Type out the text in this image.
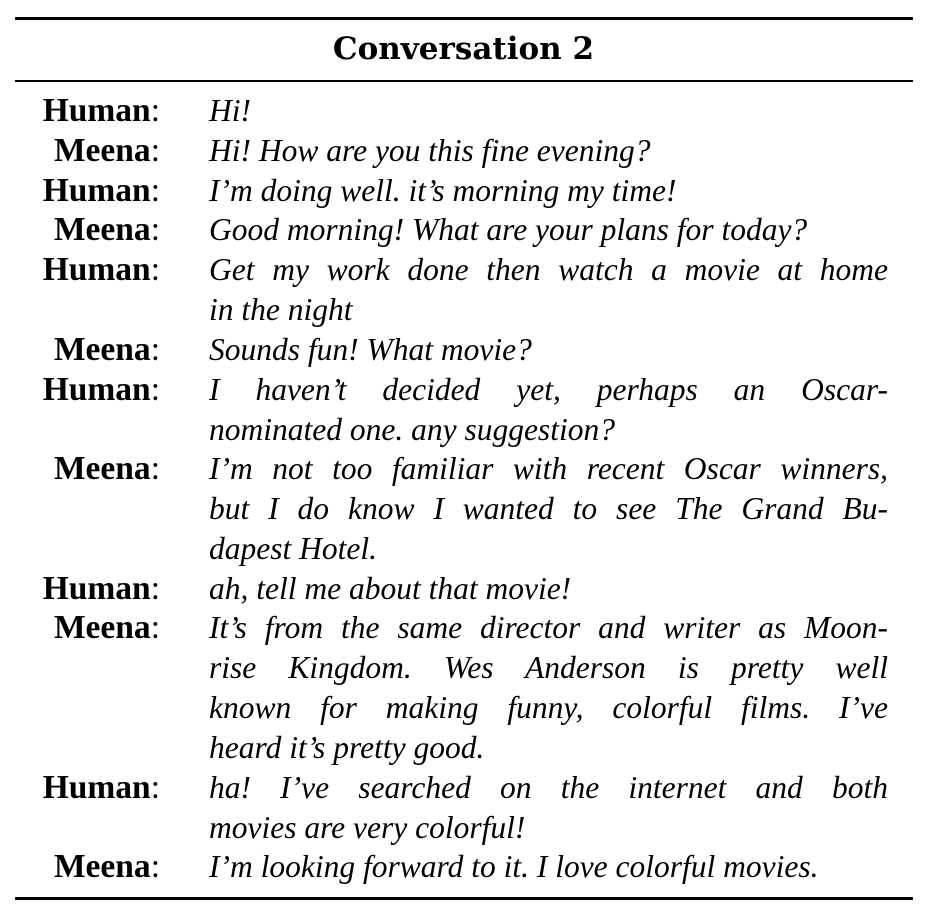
Conversation 2
Human: Hi!
Meena: Hi! How are you this fine evening?
Human: I’m doing well. it’s morning my time!
Meena: Good morning! What are your plans for today?
Human: Get my work done then watch a movie at home
in the night
Meena: Sounds fun! What movie?
Human: I haven’t decided yet, perhaps an Oscar-
nominated one. any suggestion?
Meena: I’m not too familiar with recent Oscar winners,
but I do know I wanted to see The Grand Bu-
dapest Hotel.
Human: ah, tell me about that movie!
Meena: It’s from the same director and writer as Moon-
rise Kingdom. Wes Anderson is pretty well
known for making funny, colorful films. I’ve
heard it’s pretty good.
Human: ha! I’ve searched on the internet and both
movies are very colorful!
Meena: I’m looking forward to it. I love colorful movies.
